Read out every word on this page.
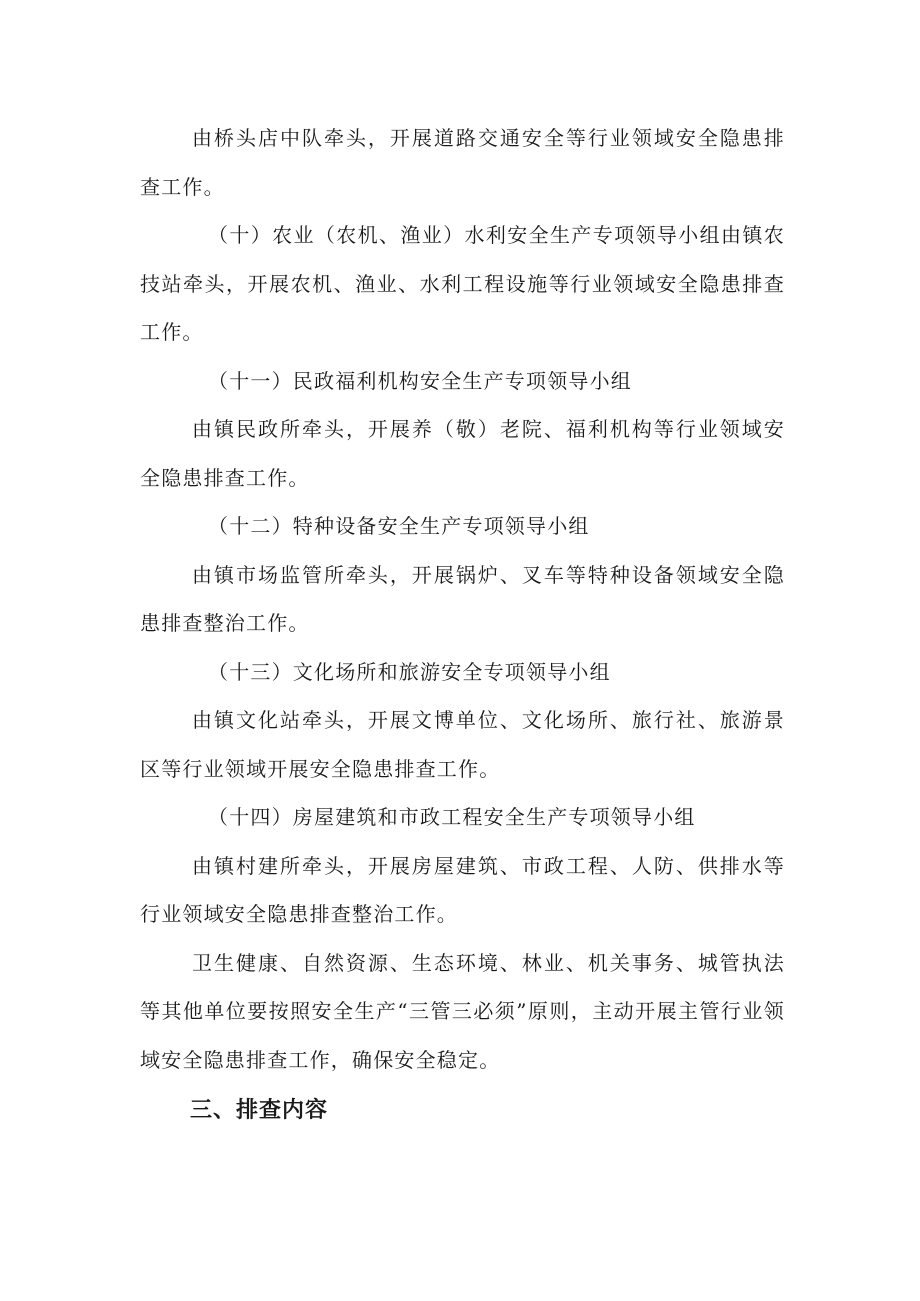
由桥头店中队牵头，开展道路交通安全等行业领域安全隐患排查工作。

（十）农业（农机、渔业）水利安全生产专项领导小组由镇农技站牵头，开展农机、渔业、水利工程设施等行业领域安全隐患排查工作。

（十一）民政福利机构安全生产专项领导小组

由镇民政所牵头，开展养（敬）老院、福利机构等行业领域安全隐患排查工作。

（十二）特种设备安全生产专项领导小组

由镇市场监管所牵头，开展锅炉、叉车等特种设备领域安全隐患排查整治工作。

（十三）文化场所和旅游安全专项领导小组

由镇文化站牵头，开展文博单位、文化场所、旅行社、旅游景区等行业领域开展安全隐患排查工作。

（十四）房屋建筑和市政工程安全生产专项领导小组

由镇村建所牵头，开展房屋建筑、市政工程、人防、供排水等行业领域安全隐患排查整治工作。

卫生健康、自然资源、生态环境、林业、机关事务、城管执法等其他单位要按照安全生产“三管三必须”原则，主动开展主管行业领域安全隐患排查工作，确保安全稳定。

三、排查内容
